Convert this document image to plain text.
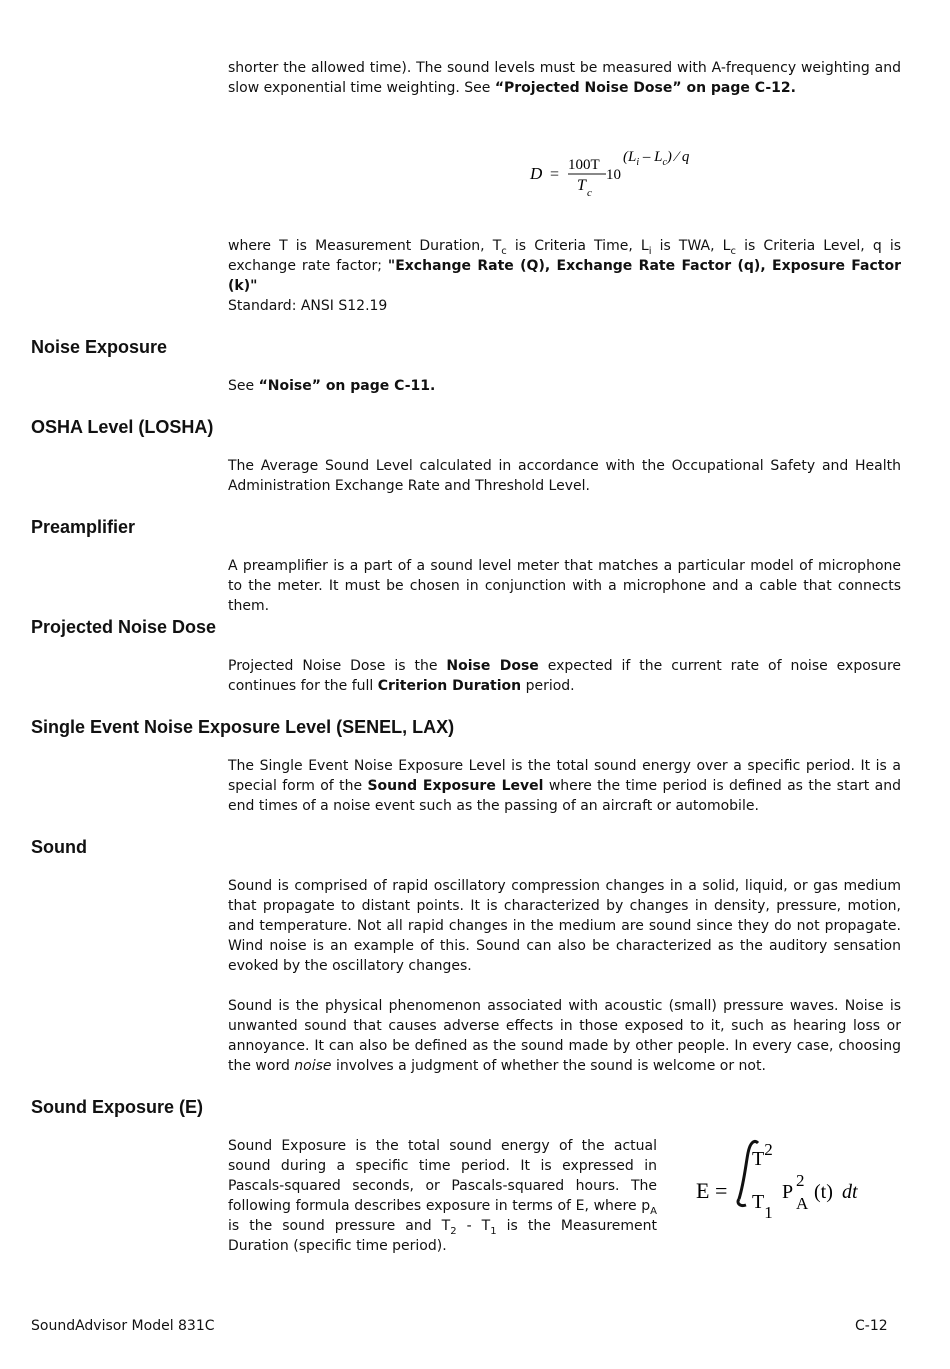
shorter the allowed time). The sound levels must be measured with A-frequency weighting and slow exponential time weighting. See “Projected Noise Dose” on page C-12.

D =
100T
T c
10
$(L_i - L_c)$ ⁄ q

where T is Measurement Duration, $T_c$ is Criteria Time, $L_i$ is TWA, $L_c$ is Criteria Level, q is exchange rate factor; "Exchange Rate (Q), Exchange Rate Factor (q), Exposure Factor (k)"

Standard: ANSI S12.19

Noise Exposure

See “Noise” on page C-11.

OSHA Level (LOSHA)

The Average Sound Level calculated in accordance with the Occupational Safety and Health Administration Exchange Rate and Threshold Level.

Preamplifier

A preamplifier is a part of a sound level meter that matches a particular model of microphone to the meter. It must be chosen in conjunction with a microphone and a cable that connects them.

Projected Noise Dose

Projected Noise Dose is the Noise Dose expected if the current rate of noise exposure continues for the full Criterion Duration period.

Single Event Noise Exposure Level (SENEL, LAX)

The Single Event Noise Exposure Level is the total sound energy over a specific period. It is a special form of the Sound Exposure Level where the time period is defined as the start and end times of a noise event such as the passing of an aircraft or automobile.

Sound

Sound is comprised of rapid oscillatory compression changes in a solid, liquid, or gas medium that propagate to distant points. It is characterized by changes in density, pressure, motion, and temperature. Not all rapid changes in the medium are sound since they do not propagate. Wind noise is an example of this. Sound can also be characterized as the auditory sensation evoked by the oscillatory changes.

Sound is the physical phenomenon associated with acoustic (small) pressure waves. Noise is unwanted sound that causes adverse effects in those exposed to it, such as hearing loss or annoyance. It can also be defined as the sound made by other people. In every case, choosing the word noise involves a judgment of whether the sound is welcome or not.

Sound Exposure (E)

Sound Exposure is the total sound energy of the actual sound during a specific time period. It is expressed in Pascals-squared seconds, or Pascals-squared hours. The following formula describes exposure in terms of E, where $p_A$ is the sound pressure and $T_2 - T_1$ is the Measurement Duration (specific time period).

E =
$T^2$
$T_1$
P
2
A
(t) dt
SoundAdvisor Model 831C	C-12
